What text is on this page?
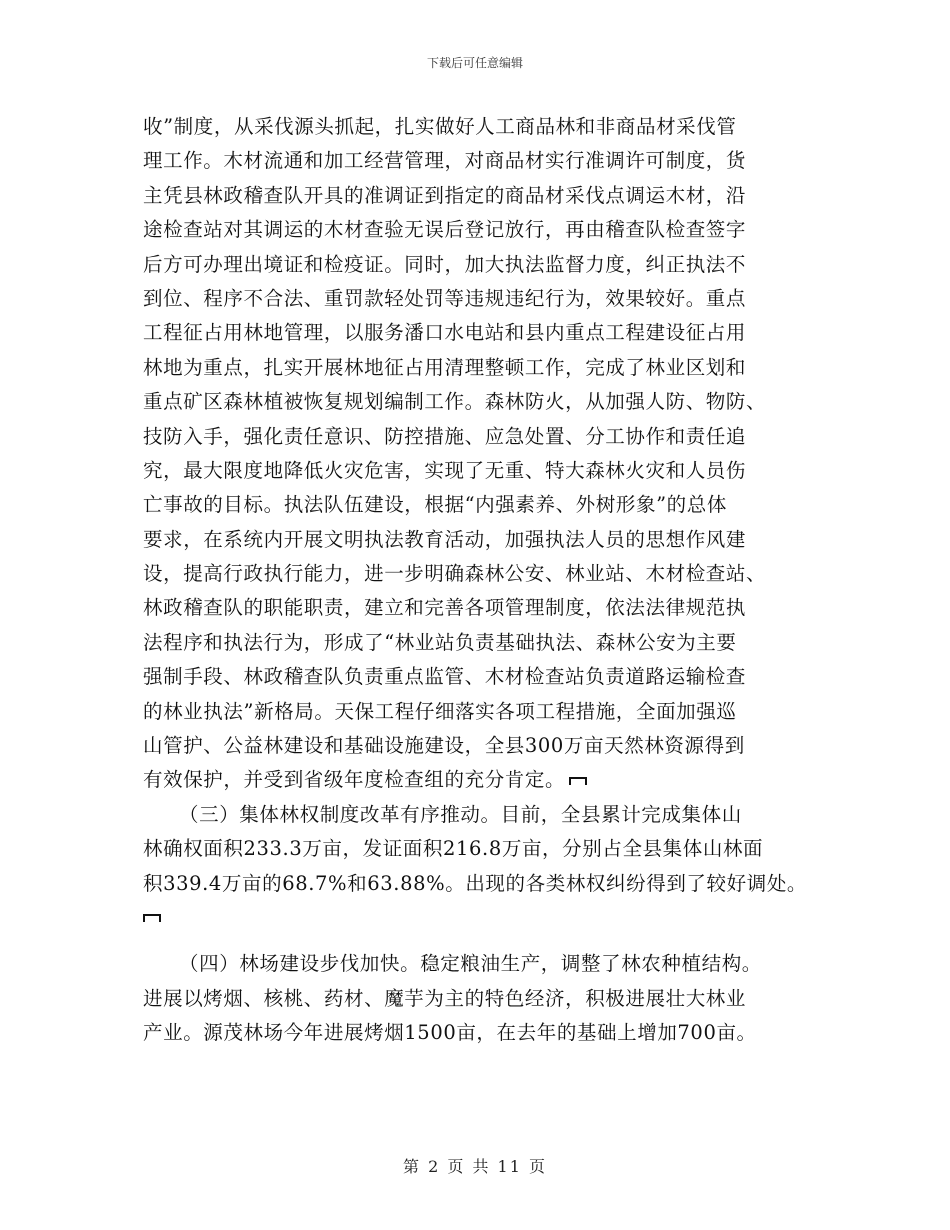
下载后可任意编辑
收”制度，从采伐源头抓起，扎实做好人工商品林和非商品材采伐管
理工作。木材流通和加工经营管理，对商品材实行准调许可制度，货
主凭县林政稽查队开具的准调证到指定的商品材采伐点调运木材，沿
途检查站对其调运的木材查验无误后登记放行，再由稽查队检查签字
后方可办理出境证和检疫证。同时，加大执法监督力度，纠正执法不
到位、程序不合法、重罚款轻处罚等违规违纪行为，效果较好。重点
工程征占用林地管理，以服务潘口水电站和县内重点工程建设征占用
林地为重点，扎实开展林地征占用清理整顿工作，完成了林业区划和
重点矿区森林植被恢复规划编制工作。森林防火，从加强人防、物防、
技防入手，强化责任意识、防控措施、应急处置、分工协作和责任追
究，最大限度地降低火灾危害，实现了无重、特大森林火灾和人员伤
亡事故的目标。执法队伍建设，根据“内强素养、外树形象”的总体
要求，在系统内开展文明执法教育活动，加强执法人员的思想作风建
设，提高行政执行能力，进一步明确森林公安、林业站、木材检查站、
林政稽查队的职能职责，建立和完善各项管理制度，依法法律规范执
法程序和执法行为，形成了“林业站负责基础执法、森林公安为主要
强制手段、林政稽查队负责重点监管、木材检查站负责道路运输检查
的林业执法”新格局。天保工程仔细落实各项工程措施，全面加强巡
山管护、公益林建设和基础设施建设，全县300万亩天然林资源得到
有效保护，并受到省级年度检查组的充分肯定。
（三）集体林权制度改革有序推动。目前，全县累计完成集体山
林确权面积233.3万亩，发证面积216.8万亩，分别占全县集体山林面
积339.4万亩的68.7%和63.88%。出现的各类林权纠纷得到了较好调处。
（四）林场建设步伐加快。稳定粮油生产，调整了林农种植结构。
进展以烤烟、核桃、药材、魔芋为主的特色经济，积极进展壮大林业
产业。源茂林场今年进展烤烟1500亩，在去年的基础上增加700亩。
第 2 页 共 11 页
